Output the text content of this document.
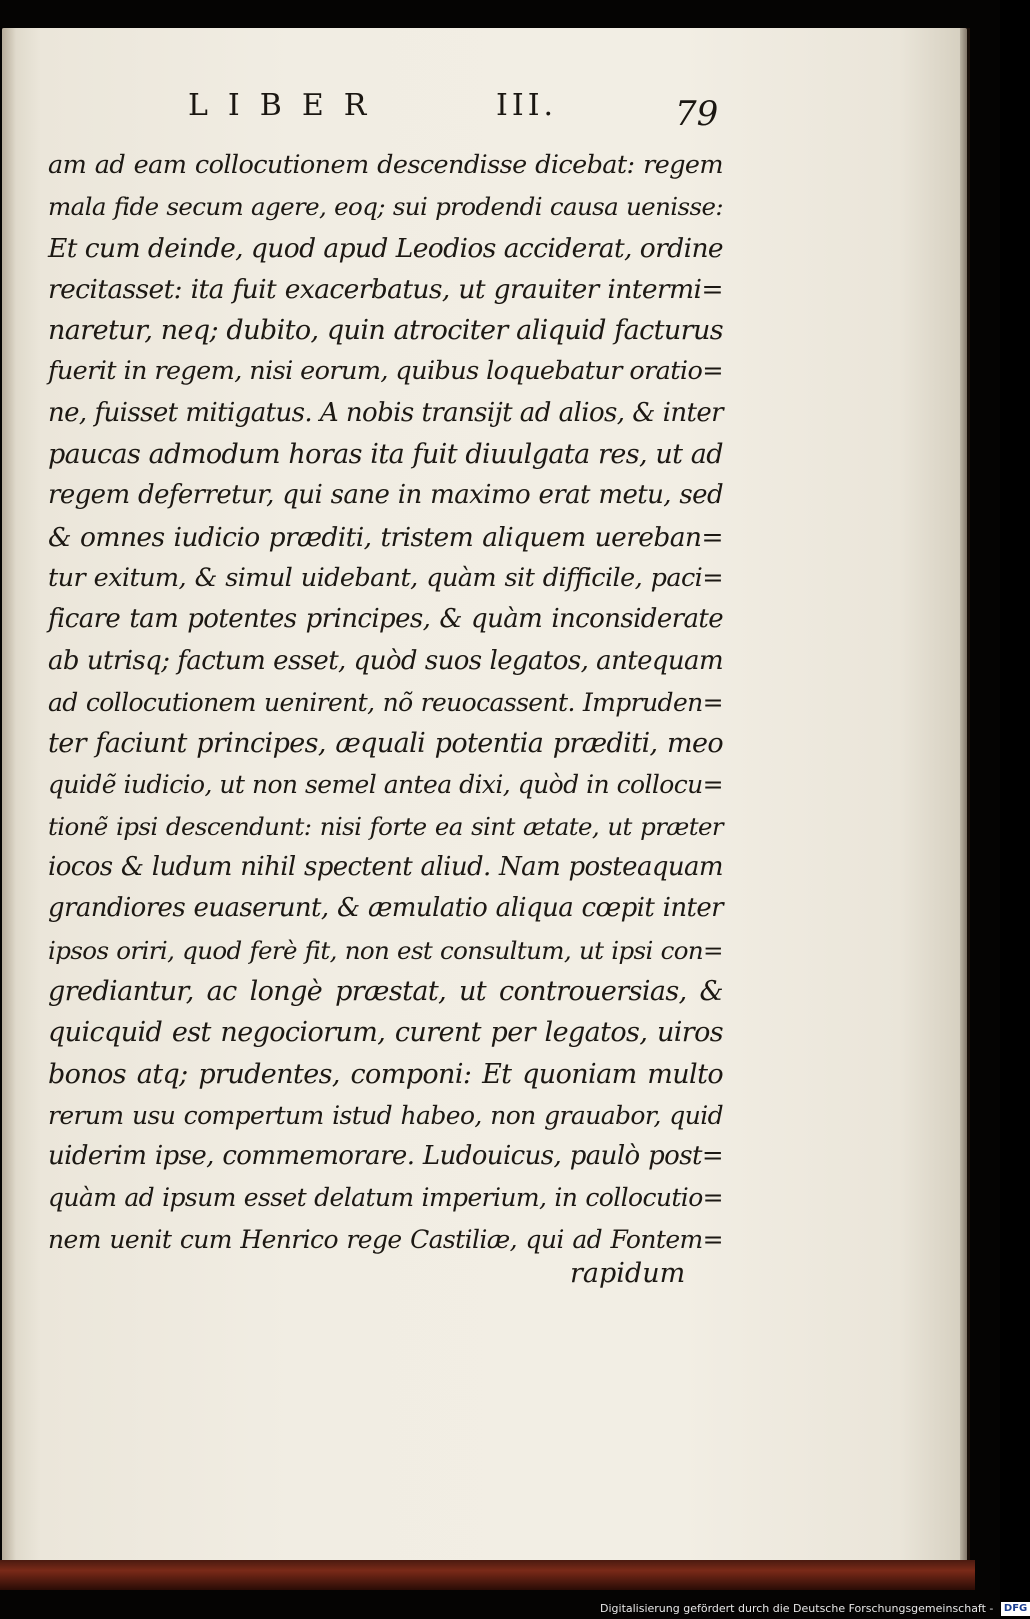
LIBER	III.	79
am ad eam collocutionem descendisse dicebat: regem
mala fide secum agere, eoq; sui prodendi causa uenisse:
Et cum deinde, quod apud Leodios acciderat, ordine
recitasset: ita fuit exacerbatus, ut grauiter intermi=
naretur, neq; dubito, quin atrociter aliquid facturus
fuerit in regem, nisi eorum, quibus loquebatur oratio=
ne, fuisset mitigatus. A nobis transijt ad alios, & inter
paucas admodum horas ita fuit diuulgata res, ut ad
regem deferretur, qui sane in maximo erat metu, sed
& omnes iudicio præditi, tristem aliquem uereban=
tur exitum, & simul uidebant, quàm sit difficile, paci=
ficare tam potentes principes, & quàm inconsiderate
ab utrisq; factum esset, quòd suos legatos, antequam
ad collocutionem uenirent, nõ reuocassent. Impruden=
ter faciunt principes, æquali potentia præditi, meo
quidẽ iudicio, ut non semel antea dixi, quòd in collocu=
tionẽ ipsi descendunt: nisi forte ea sint ætate, ut præter
iocos & ludum nihil spectent aliud. Nam posteaquam
grandiores euaserunt, & æmulatio aliqua cœpit inter
ipsos oriri, quod ferè fit, non est consultum, ut ipsi con=
grediantur, ac longè præstat, ut controuersias, &
quicquid est negociorum, curent per legatos, uiros
bonos atq; prudentes, componi: Et quoniam multo
rerum usu compertum istud habeo, non grauabor, quid
uiderim ipse, commemorare. Ludouicus, paulò post=
quàm ad ipsum esset delatum imperium, in collocutio=
nem uenit cum Henrico rege Castiliæ, qui ad Fontem=
rapidum
Digitalisierung gefördert durch die Deutsche Forschungsgemeinschaft - DFG
